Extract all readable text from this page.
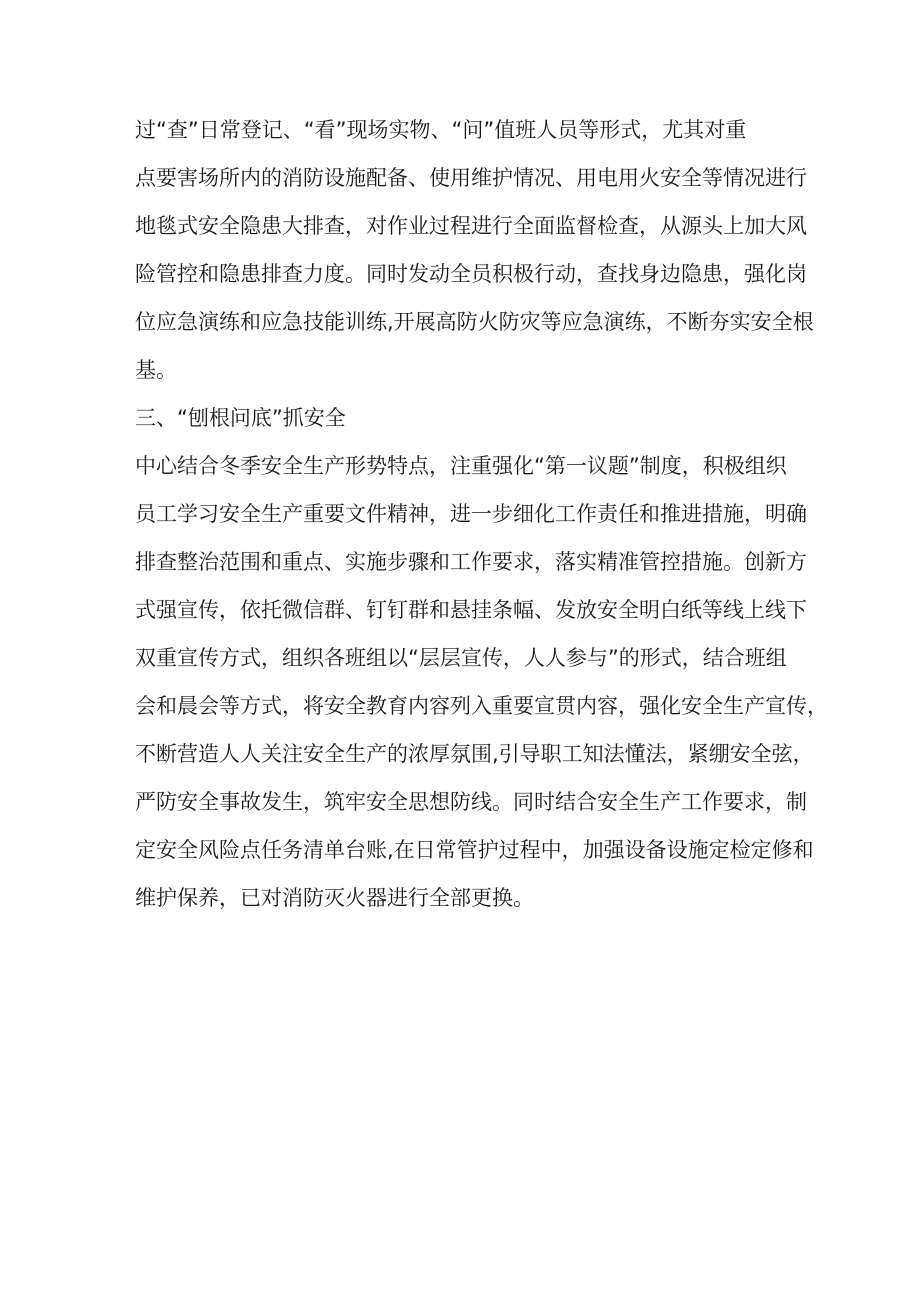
过“查”日常登记、“看”现场实物、“问”值班人员等形式，尤其对重
点要害场所内的消防设施配备、使用维护情况、用电用火安全等情况进行
地毯式安全隐患大排查，对作业过程进行全面监督检查，从源头上加大风
险管控和隐患排查力度。同时发动全员积极行动，查找身边隐患，强化岗
位应急演练和应急技能训练,开展高防火防灾等应急演练，不断夯实安全根
基。
三、“刨根问底”抓安全
中心结合冬季安全生产形势特点，注重强化“第一议题”制度，积极组织
员工学习安全生产重要文件精神，进一步细化工作责任和推进措施，明确
排查整治范围和重点、实施步骤和工作要求，落实精准管控措施。创新方
式强宣传，依托微信群、钉钉群和悬挂条幅、发放安全明白纸等线上线下
双重宣传方式，组织各班组以“层层宣传，人人参与”的形式，结合班组
会和晨会等方式，将安全教育内容列入重要宣贯内容，强化安全生产宣传，
不断营造人人关注安全生产的浓厚氛围,引导职工知法懂法，紧绷安全弦，
严防安全事故发生，筑牢安全思想防线。同时结合安全生产工作要求，制
定安全风险点任务清单台账,在日常管护过程中，加强设备设施定检定修和
维护保养，已对消防灭火器进行全部更换。
